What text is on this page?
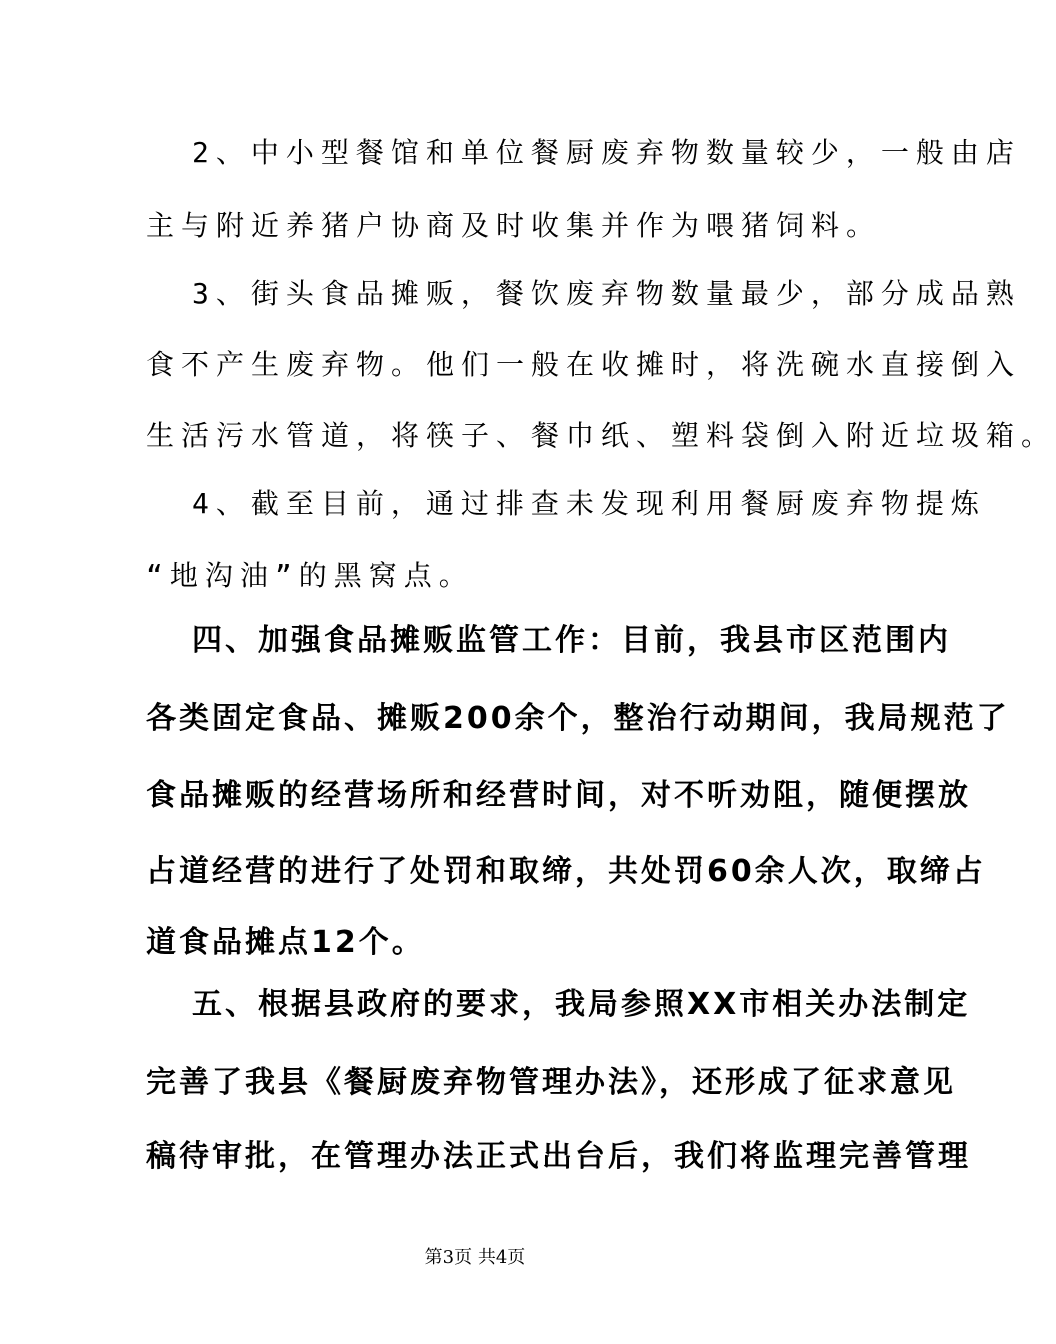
2、中小型餐馆和单位餐厨废弃物数量较少，一般由店
主与附近养猪户协商及时收集并作为喂猪饲料。
3、街头食品摊贩，餐饮废弃物数量最少，部分成品熟
食不产生废弃物。他们一般在收摊时，将洗碗水直接倒入
生活污水管道，将筷子、餐巾纸、塑料袋倒入附近垃圾箱。
4、截至目前，通过排查未发现利用餐厨废弃物提炼
“地沟油”的黑窝点。
四、加强食品摊贩监管工作：目前，我县市区范围内
各类固定食品、摊贩200余个，整治行动期间，我局规范了
食品摊贩的经营场所和经营时间，对不听劝阻，随便摆放
占道经营的进行了处罚和取缔，共处罚60余人次，取缔占
道食品摊点12个。
五、根据县政府的要求，我局参照XX市相关办法制定
完善了我县《餐厨废弃物管理办法》，还形成了征求意见
稿待审批，在管理办法正式出台后，我们将监理完善管理
第3页 共4页
